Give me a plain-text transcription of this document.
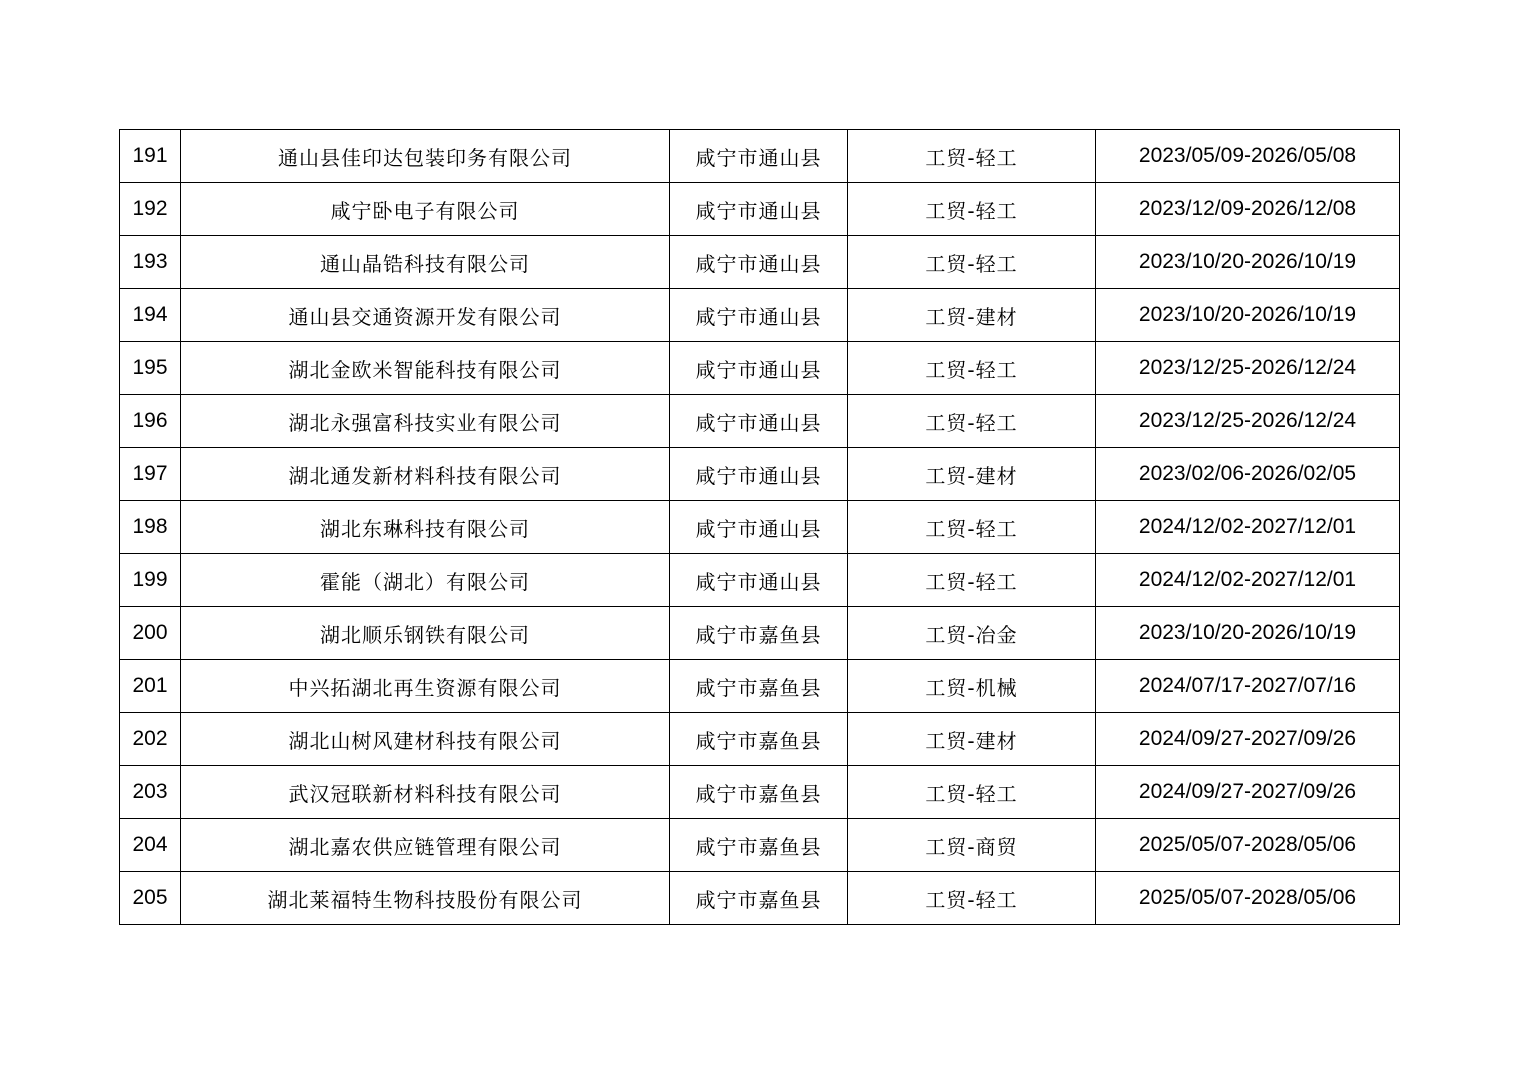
191	通山县佳印达包装印务有限公司	咸宁市通山县	工贸-轻工	2023/05/09-2026/05/08
192	咸宁卧电子有限公司	咸宁市通山县	工贸-轻工	2023/12/09-2026/12/08
193	通山晶锆科技有限公司	咸宁市通山县	工贸-轻工	2023/10/20-2026/10/19
194	通山县交通资源开发有限公司	咸宁市通山县	工贸-建材	2023/10/20-2026/10/19
195	湖北金欧米智能科技有限公司	咸宁市通山县	工贸-轻工	2023/12/25-2026/12/24
196	湖北永强富科技实业有限公司	咸宁市通山县	工贸-轻工	2023/12/25-2026/12/24
197	湖北通发新材料科技有限公司	咸宁市通山县	工贸-建材	2023/02/06-2026/02/05
198	湖北东琳科技有限公司	咸宁市通山县	工贸-轻工	2024/12/02-2027/12/01
199	霍能（湖北）有限公司	咸宁市通山县	工贸-轻工	2024/12/02-2027/12/01
200	湖北顺乐钢铁有限公司	咸宁市嘉鱼县	工贸-冶金	2023/10/20-2026/10/19
201	中兴拓湖北再生资源有限公司	咸宁市嘉鱼县	工贸-机械	2024/07/17-2027/07/16
202	湖北山树风建材科技有限公司	咸宁市嘉鱼县	工贸-建材	2024/09/27-2027/09/26
203	武汉冠联新材料科技有限公司	咸宁市嘉鱼县	工贸-轻工	2024/09/27-2027/09/26
204	湖北嘉农供应链管理有限公司	咸宁市嘉鱼县	工贸-商贸	2025/05/07-2028/05/06
205	湖北莱福特生物科技股份有限公司	咸宁市嘉鱼县	工贸-轻工	2025/05/07-2028/05/06
